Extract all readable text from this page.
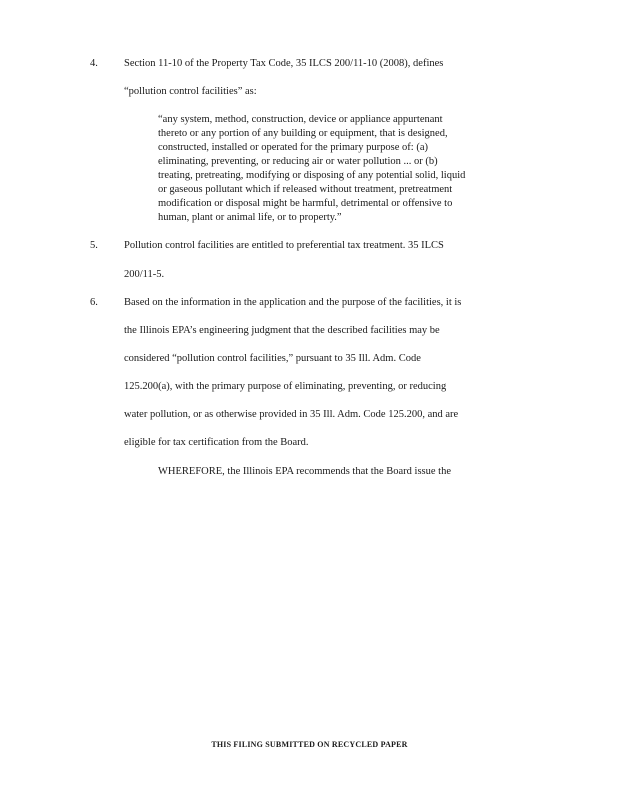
4. Section 11-10 of the Property Tax Code, 35 ILCS 200/11-10 (2008), defines
“pollution control facilities” as:
“any system, method, construction, device or appliance appurtenant
thereto or any portion of any building or equipment, that is designed,
constructed, installed or operated for the primary purpose of: (a)
eliminating, preventing, or reducing air or water pollution ... or (b)
treating, pretreating, modifying or disposing of any potential solid, liquid
or gaseous pollutant which if released without treatment, pretreatment
modification or disposal might be harmful, detrimental or offensive to
human, plant or animal life, or to property.”
5. Pollution control facilities are entitled to preferential tax treatment. 35 ILCS
200/11-5.
6. Based on the information in the application and the purpose of the facilities, it is
the Illinois EPA’s engineering judgment that the described facilities may be
considered “pollution control facilities,” pursuant to 35 Ill. Adm. Code
125.200(a), with the primary purpose of eliminating, preventing, or reducing
water pollution, or as otherwise provided in 35 Ill. Adm. Code 125.200, and are
eligible for tax certification from the Board.
WHEREFORE, the Illinois EPA recommends that the Board issue the
THIS FILING SUBMITTED ON RECYCLED PAPER
